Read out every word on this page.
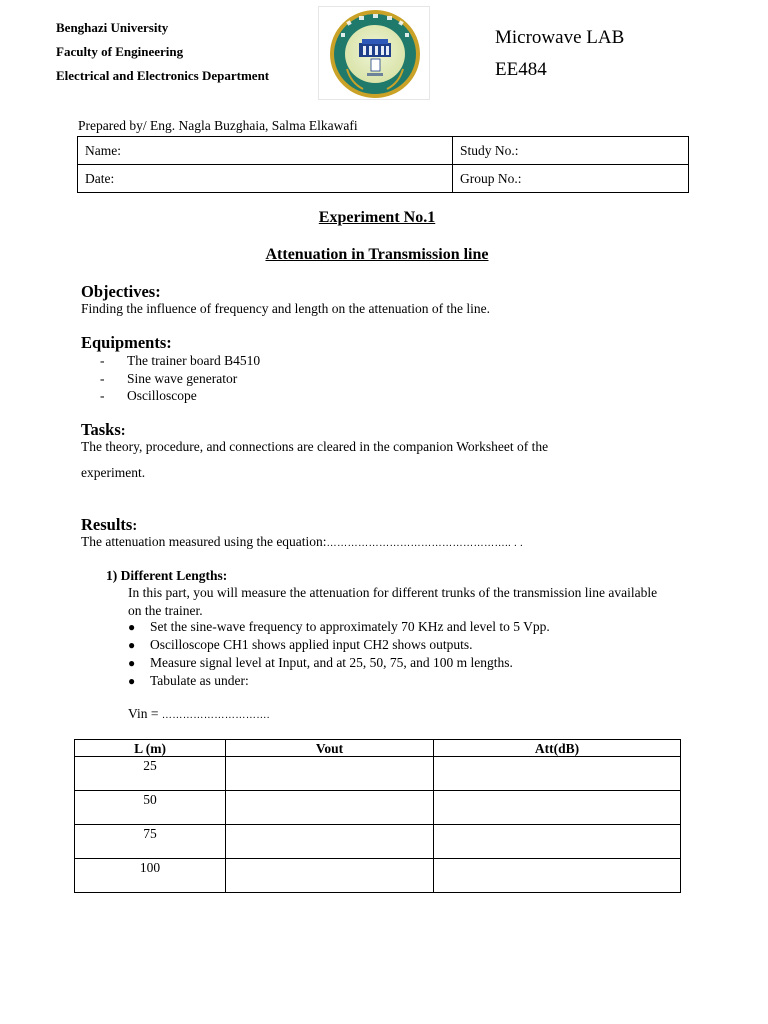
Benghazi University
Faculty of Engineering
Electrical and Electronics Department
Microwave LAB
EE484
Prepared by/ Eng. Nagla Buzghaia, Salma Elkawafi
Name:	Study No.:
Date:	Group No.:
Experiment No.1
Attenuation in Transmission line
Objectives:
Finding the influence of frequency and length on the attenuation of the line.
Equipments:
- The trainer board B4510
- Sine wave generator
- Oscilloscope
Tasks:
The theory, procedure, and connections are cleared in the companion Worksheet of the
experiment.
Results:
The attenuation measured using the equation:…………………………………………….. . .
1) Different Lengths:
In this part, you will measure the attenuation for different trunks of the transmission line available on the trainer.
● Set the sine-wave frequency to approximately 70 KHz and level to 5 Vpp.
● Oscilloscope CH1 shows applied input CH2 shows outputs.
● Measure signal level at Input, and at 25, 50, 75, and 100 m lengths.
● Tabulate as under:
Vin = ………………………….
L (m)	Vout	Att(dB)
25		
50		
75		
100		
